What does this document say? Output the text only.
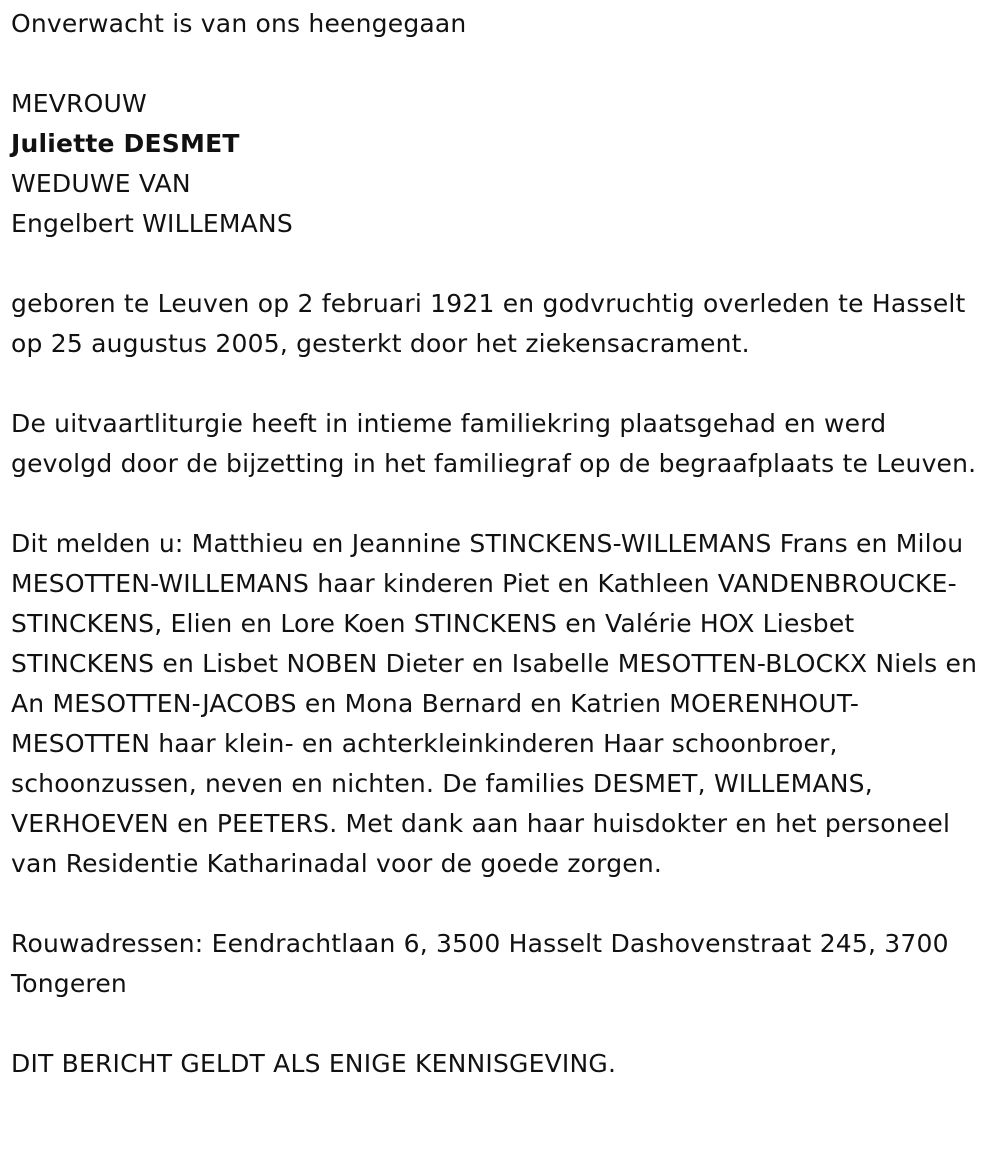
Onverwacht is van ons heengegaan

MEVROUW

Juliette DESMET

WEDUWE VAN

Engelbert WILLEMANS

geboren te Leuven op 2 februari 1921 en godvruchtig overleden te Hasselt op 25 augustus 2005, gesterkt door het ziekensacrament.

De uitvaartliturgie heeft in intieme familiekring plaatsgehad en werd gevolgd door de bijzetting in het familiegraf op de begraafplaats te Leuven.

Dit melden u: Matthieu en Jeannine STINCKENS-WILLEMANS Frans en Milou MESOTTEN-WILLEMANS haar kinderen Piet en Kathleen VANDENBROUCKE-STINCKENS, Elien en Lore Koen STINCKENS en Valérie HOX Liesbet STINCKENS en Lisbet NOBEN Dieter en Isabelle MESOTTEN-BLOCKX Niels en An MESOTTEN-JACOBS en Mona Bernard en Katrien MOERENHOUT-MESOTTEN haar klein- en achterkleinkinderen Haar schoonbroer, schoonzussen, neven en nichten. De families DESMET, WILLEMANS, VERHOEVEN en PEETERS. Met dank aan haar huisdokter en het personeel van Residentie Katharinadal voor de goede zorgen.

Rouwadressen: Eendrachtlaan 6, 3500 Hasselt Dashovenstraat 245, 3700 Tongeren

DIT BERICHT GELDT ALS ENIGE KENNISGEVING.
